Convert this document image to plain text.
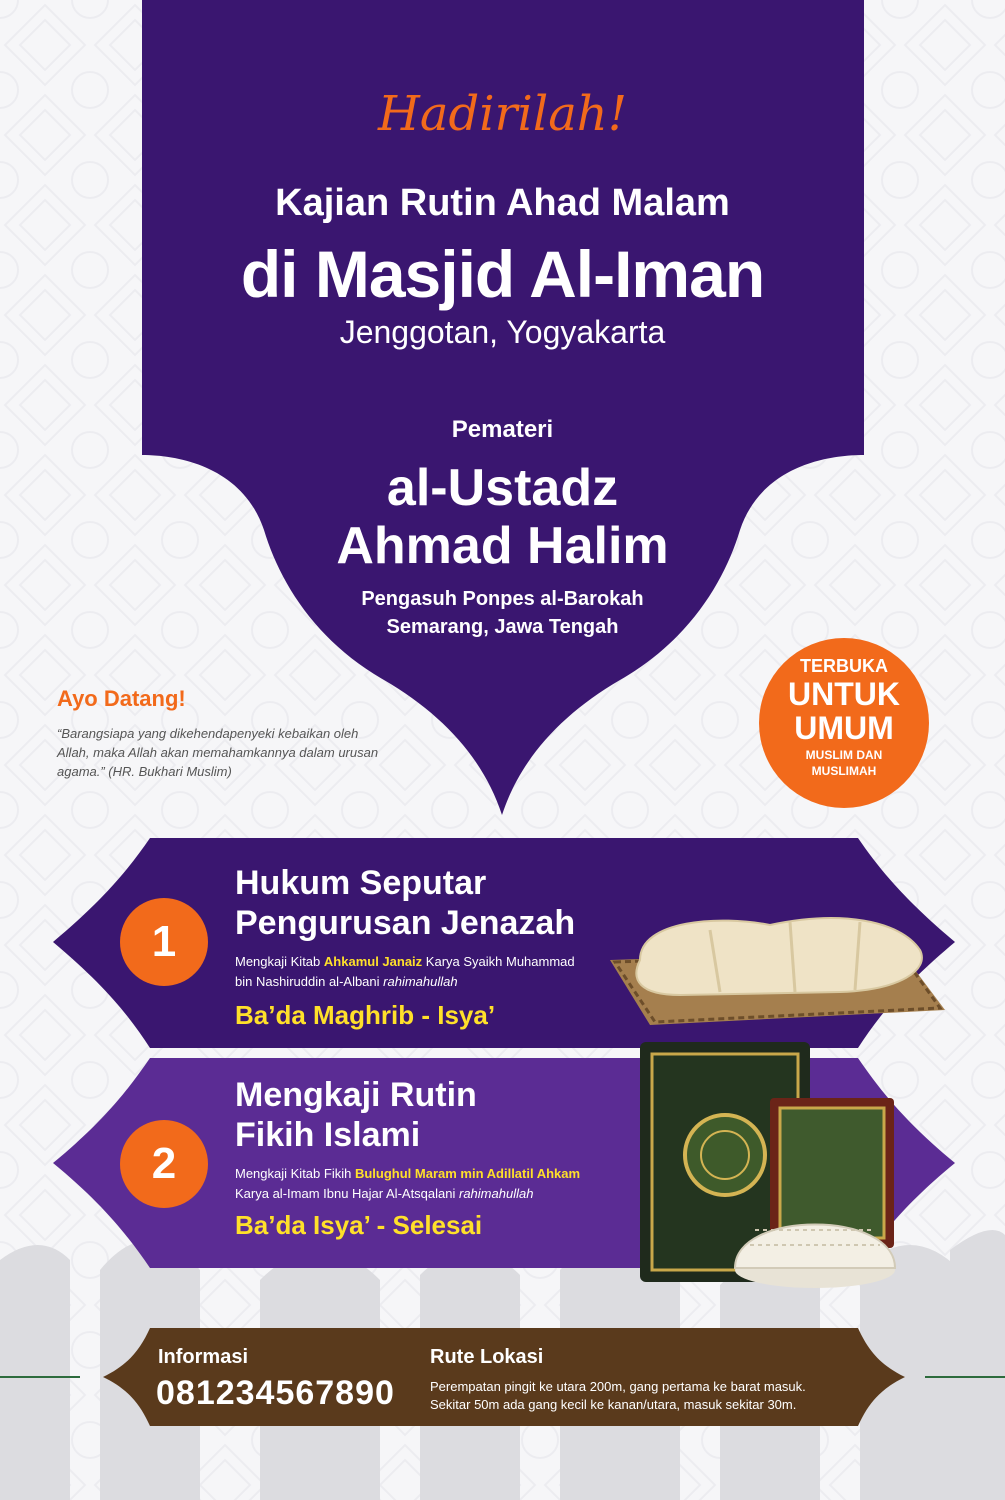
Hadirilah!
Kajian Rutin Ahad Malam
di Masjid Al-Iman
Jenggotan, Yogyakarta
Pemateri
al-Ustadz
Ahmad Halim
Pengasuh Ponpes al-Barokah
Semarang, Jawa Tengah
Ayo Datang!
“Barangsiapa yang dikehendapenyeki kebaikan oleh Allah, maka Allah akan memahamkannya dalam urusan agama.” (HR. Bukhari Muslim)
TERBUKA
UNTUK
UMUM
MUSLIM DAN
MUSLIMAH
1
Hukum Seputar
Pengurusan Jenazah
Mengkaji Kitab Ahkamul Janaiz Karya Syaikh Muhammad
bin Nashiruddin al-Albani rahimahullah
Ba’da Maghrib - Isya’
2
Mengkaji Rutin
Fikih Islami
Mengkaji Kitab Fikih Bulughul Maram min Adillatil Ahkam
Karya al-Imam Ibnu Hajar Al-Atsqalani rahimahullah
Ba’da Isya’ - Selesai
Informasi
081234567890
Rute Lokasi
Perempatan pingit ke utara 200m, gang pertama ke barat masuk.
Sekitar 50m ada gang kecil ke kanan/utara, masuk sekitar 30m.
